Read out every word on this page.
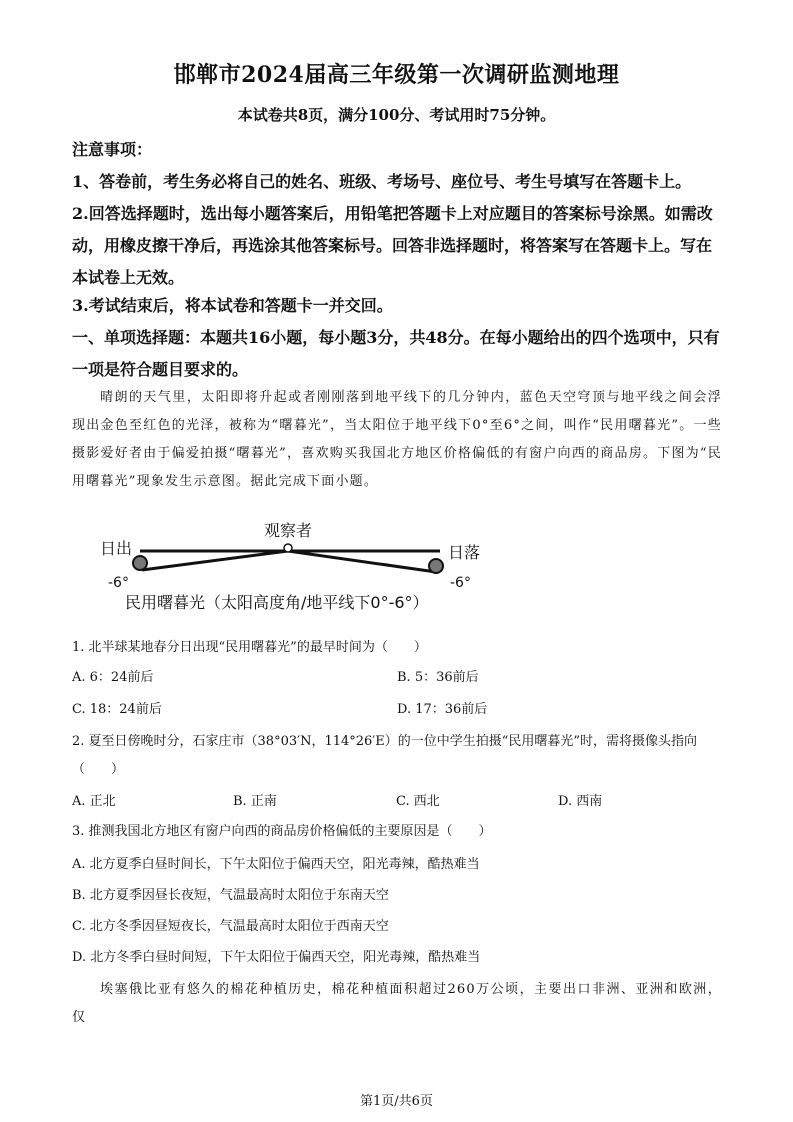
邯郸市2024届高三年级第一次调研监测地理
本试卷共8页，满分100分、考试用时75分钟。

注意事项：

1、答卷前，考生务必将自己的姓名、班级、考场号、座位号、考生号填写在答题卡上。

2.回答选择题时，选出每小题答案后，用铅笔把答题卡上对应题目的答案标号涂黑。如需改动，用橡皮擦干净后，再选涂其他答案标号。回答非选择题时，将答案写在答题卡上。写在本试卷上无效。

3.考试结束后，将本试卷和答题卡一并交回。

一、单项选择题：本题共16小题，每小题3分，共48分。在每小题给出的四个选项中，只有一项是符合题目要求的。

晴朗的天气里，太阳即将升起或者刚刚落到地平线下的几分钟内，蓝色天空穹顶与地平线之间会浮现出金色至红色的光泽，被称为“曙暮光”，当太阳位于地平线下0°至6°之间，叫作“民用曙暮光”。一些摄影爱好者由于偏爱拍摄“曙暮光”，喜欢购买我国北方地区价格偏低的有窗户向西的商品房。下图为“民用曙暮光”现象发生示意图。据此完成下面小题。

观察者
日出	日落
-6°	-6°
民用曙暮光（太阳高度角/地平线下0°-6°）

1. 北半球某地春分日出现“民用曙暮光”的最早时间为（　　）

A. 6：24前后	B. 5：36前后
C. 18：24前后	D. 17：36前后

2. 夏至日傍晚时分，石家庄市（38°03′N，114°26′E）的一位中学生拍摄“民用曙暮光”时，需将摄像头指向（　　）

A. 正北	B. 正南	C. 西北	D. 西南

3. 推测我国北方地区有窗户向西的商品房价格偏低的主要原因是（　　）

A. 北方夏季白昼时间长，下午太阳位于偏西天空，阳光毒辣，酷热难当
B. 北方夏季因昼长夜短，气温最高时太阳位于东南天空
C. 北方冬季因昼短夜长，气温最高时太阳位于西南天空
D. 北方冬季白昼时间短，下午太阳位于偏西天空，阳光毒辣，酷热难当

埃塞俄比亚有悠久的棉花种植历史，棉花种植面积超过260万公顷，主要出口非洲、亚洲和欧洲，仅

第1页/共6页
